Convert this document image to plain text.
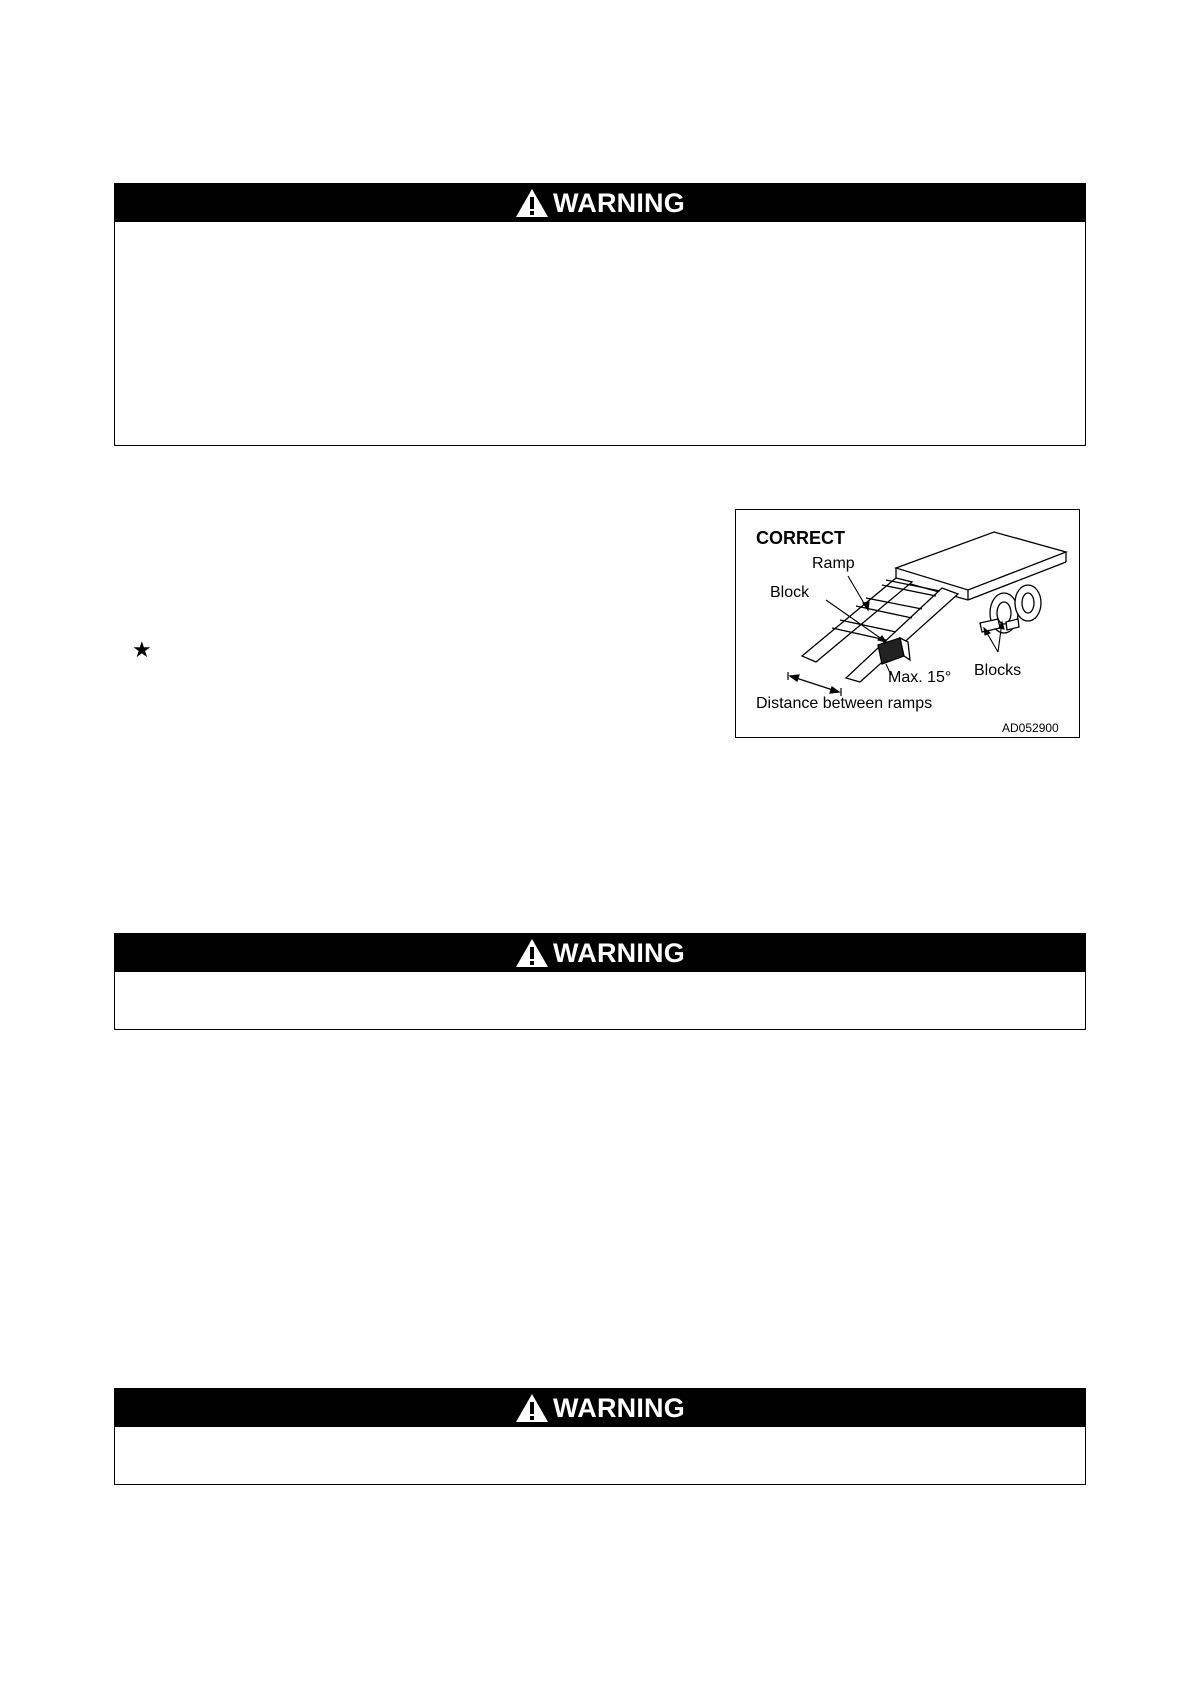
WARNING
★
CORRECT
Ramp
Block
Max. 15° Blocks
Distance between ramps
AD052900
WARNING
WARNING
